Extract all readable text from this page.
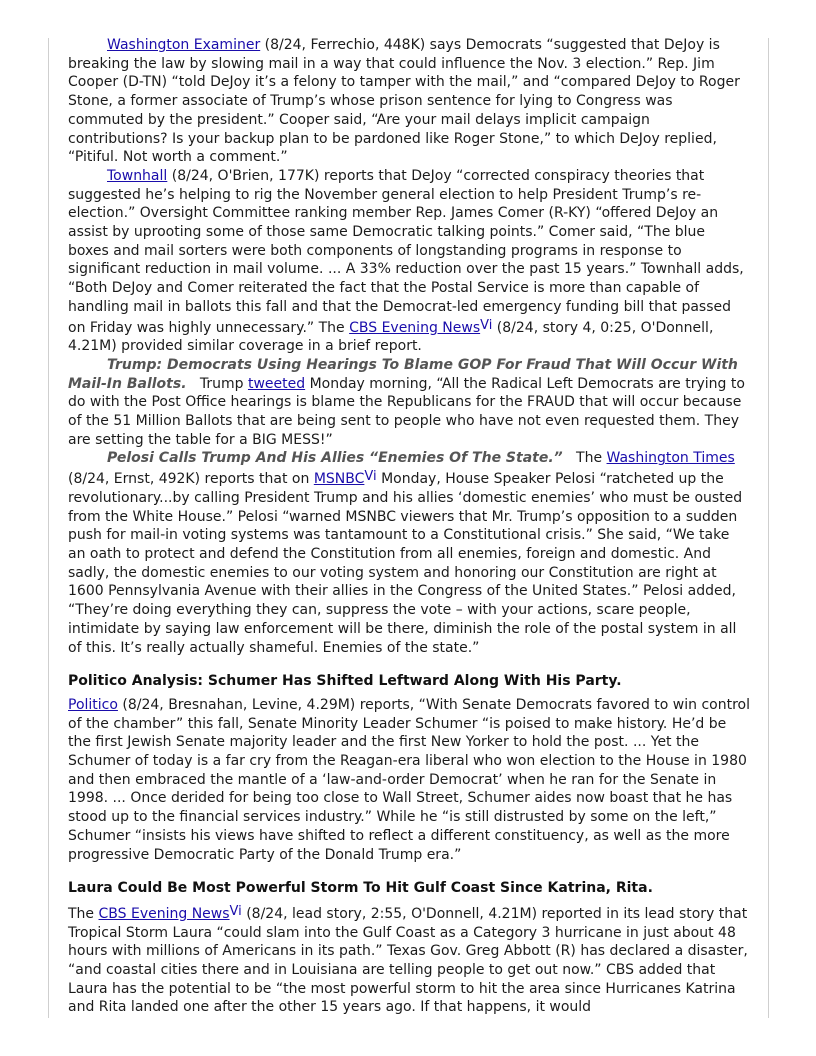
Washington Examiner (8/24, Ferrechio, 448K) says Democrats “suggested that DeJoy is breaking the law by slowing mail in a way that could influence the Nov. 3 election.” Rep. Jim Cooper (D-TN) “told DeJoy it’s a felony to tamper with the mail,” and “compared DeJoy to Roger Stone, a former associate of Trump’s whose prison sentence for lying to Congress was commuted by the president.” Cooper said, “Are your mail delays implicit campaign contributions? Is your backup plan to be pardoned like Roger Stone,” to which DeJoy replied, “Pitiful. Not worth a comment.”

Townhall (8/24, O'Brien, 177K) reports that DeJoy “corrected conspiracy theories that suggested he’s helping to rig the November general election to help President Trump’s re-election.” Oversight Committee ranking member Rep. James Comer (R-KY) “offered DeJoy an assist by uprooting some of those same Democratic talking points.” Comer said, “The blue boxes and mail sorters were both components of longstanding programs in response to significant reduction in mail volume. ... A 33% reduction over the past 15 years.” Townhall adds, “Both DeJoy and Comer reiterated the fact that the Postal Service is more than capable of handling mail in ballots this fall and that the Democrat-led emergency funding bill that passed on Friday was highly unnecessary.” The CBS Evening NewsVi (8/24, story 4, 0:25, O'Donnell, 4.21M) provided similar coverage in a brief report.

Trump: Democrats Using Hearings To Blame GOP For Fraud That Will Occur With Mail-In Ballots.   Trump tweeted Monday morning, “All the Radical Left Democrats are trying to do with the Post Office hearings is blame the Republicans for the FRAUD that will occur because of the 51 Million Ballots that are being sent to people who have not even requested them. They are setting the table for a BIG MESS!”

Pelosi Calls Trump And His Allies “Enemies Of The State.”   The Washington Times (8/24, Ernst, 492K) reports that on MSNBCVi Monday, House Speaker Pelosi “ratcheted up the revolutionary...by calling President Trump and his allies ‘domestic enemies’ who must be ousted from the White House.” Pelosi “warned MSNBC viewers that Mr. Trump’s opposition to a sudden push for mail-in voting systems was tantamount to a Constitutional crisis.” She said, “We take an oath to protect and defend the Constitution from all enemies, foreign and domestic. And sadly, the domestic enemies to our voting system and honoring our Constitution are right at 1600 Pennsylvania Avenue with their allies in the Congress of the United States.” Pelosi added, “They’re doing everything they can, suppress the vote – with your actions, scare people, intimidate by saying law enforcement will be there, diminish the role of the postal system in all of this. It’s really actually shameful. Enemies of the state.”

Politico Analysis: Schumer Has Shifted Leftward Along With His Party.

Politico (8/24, Bresnahan, Levine, 4.29M) reports, “With Senate Democrats favored to win control of the chamber” this fall, Senate Minority Leader Schumer “is poised to make history. He’d be the first Jewish Senate majority leader and the first New Yorker to hold the post. ... Yet the Schumer of today is a far cry from the Reagan-era liberal who won election to the House in 1980 and then embraced the mantle of a ‘law-and-order Democrat’ when he ran for the Senate in 1998. ... Once derided for being too close to Wall Street, Schumer aides now boast that he has stood up to the financial services industry.” While he “is still distrusted by some on the left,” Schumer “insists his views have shifted to reflect a different constituency, as well as the more progressive Democratic Party of the Donald Trump era.”

Laura Could Be Most Powerful Storm To Hit Gulf Coast Since Katrina, Rita.

The CBS Evening NewsVi (8/24, lead story, 2:55, O'Donnell, 4.21M) reported in its lead story that Tropical Storm Laura “could slam into the Gulf Coast as a Category 3 hurricane in just about 48 hours with millions of Americans in its path.” Texas Gov. Greg Abbott (R) has declared a disaster, “and coastal cities there and in Louisiana are telling people to get out now.” CBS added that Laura has the potential to be “the most powerful storm to hit the area since Hurricanes Katrina and Rita landed one after the other 15 years ago. If that happens, it would
